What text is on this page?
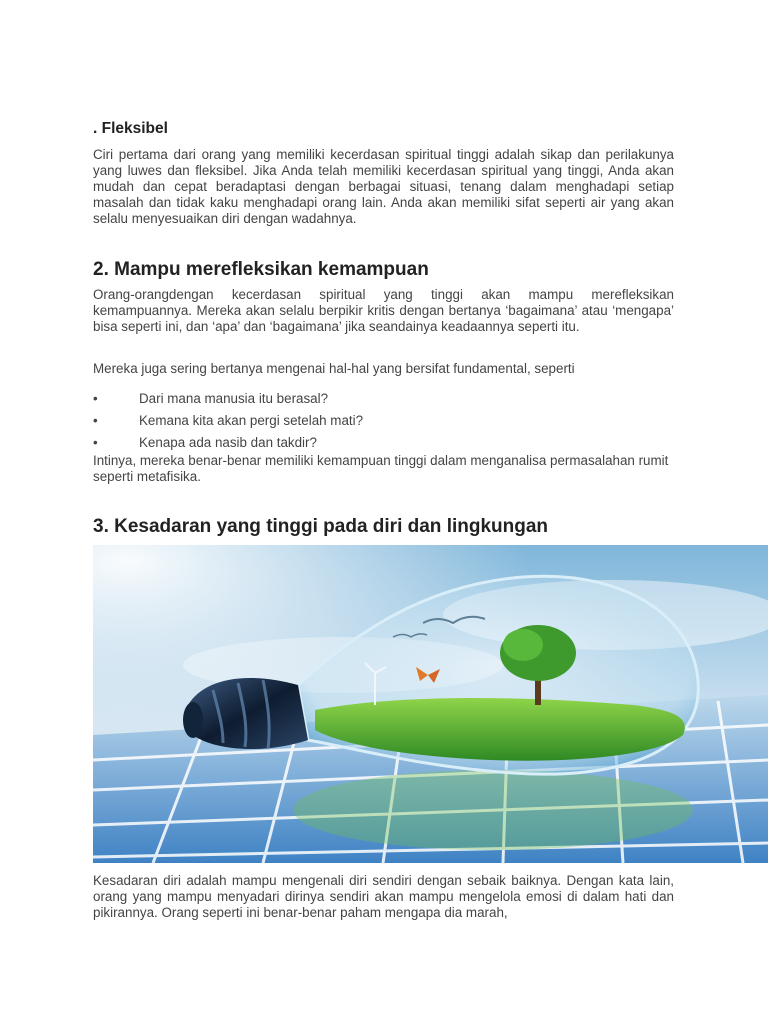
. Fleksibel

Ciri pertama dari orang yang memiliki kecerdasan spiritual tinggi adalah sikap dan perilakunya yang luwes dan fleksibel. Jika Anda telah memiliki kecerdasan spiritual yang tinggi, Anda akan mudah dan cepat beradaptasi dengan berbagai situasi, tenang dalam menghadapi setiap masalah dan tidak kaku menghadapi orang lain. Anda akan memiliki sifat seperti air yang akan selalu menyesuaikan diri dengan wadahnya.

2. Mampu merefleksikan kemampuan

Orang-orangdengan kecerdasan spiritual yang tinggi akan mampu merefleksikan kemampuannya. Mereka akan selalu berpikir kritis dengan bertanya ‘bagaimana’ atau ‘mengapa’ bisa seperti ini, dan ‘apa’ dan ‘bagaimana’ jika seandainya keadaannya seperti itu.

Mereka juga sering bertanya mengenai hal-hal yang bersifat fundamental, seperti

•	Dari mana manusia itu berasal?
•	Kemana kita akan pergi setelah mati?
•	Kenapa ada nasib dan takdir?

Intinya, mereka benar-benar memiliki kemampuan tinggi dalam menganalisa permasalahan rumit seperti metafisika.

3. Kesadaran yang tinggi pada diri dan lingkungan

Kesadaran diri adalah mampu mengenali diri sendiri dengan sebaik baiknya. Dengan kata lain, orang yang mampu menyadari dirinya sendiri akan mampu mengelola emosi di dalam hati dan pikirannya. Orang seperti ini benar-benar paham mengapa dia marah,
